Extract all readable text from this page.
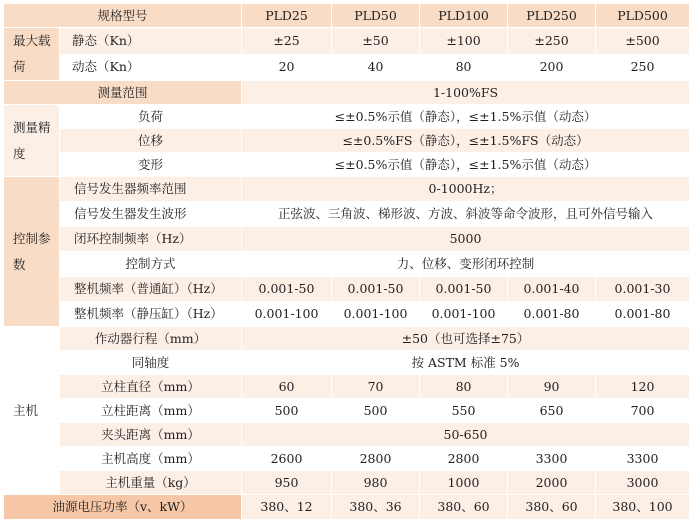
规格型号		PLD25	PLD50	PLD100	PLD250	PLD500
最大载荷	静态（Kn）	±25	±50	±100	±250	±500
	动态（Kn）	20	40	80	200	250
测量范围		1-100%FS				
测量精度	负荷	≤±0.5%示值（静态），≤±1.5%示值（动态）				
	位移	≤±0.5%FS（静态），≤±1.5%FS（动态）				
	变形	≤±0.5%示值（静态），≤±1.5%示值（动态）				
控制参数	信号发生器频率范围	0-1000Hz；				
	信号发生器发生波形	正弦波、三角波、梯形波、方波、斜波等命令波形，且可外信号输入				
	闭环控制频率（Hz）	5000				
	控制方式	力、位移、变形闭环控制				
	整机频率（普通缸）（Hz）	0.001-50	0.001-50	0.001-50	0.001-40	0.001-30
	整机频率（静压缸）（Hz）	0.001-100	0.001-100	0.001-100	0.001-80	0.001-80
主机	作动器行程（mm）	±50（也可选择±75）				
	同轴度	按 ASTM 标准 5%				
	立柱直径（mm）	60	70	80	90	120
	立柱距离（mm）	500	500	550	650	700
	夹头距离（mm）	50-650				
	主机高度（mm）	2600	2800	2800	3300	3300
	主机重量（kg）	950	980	1000	2000	3000
油源电压功率（v、kW）		380、12	380、36	380、60	380、60	380、100
